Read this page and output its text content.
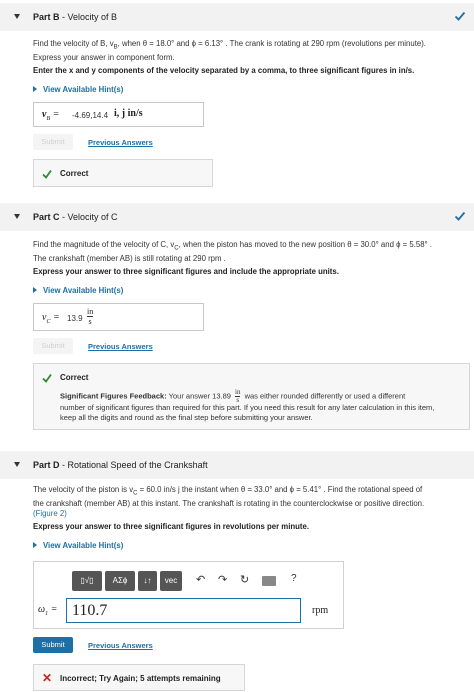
Part B - Velocity of B
Find the velocity of B, $v_B$, when θ = 18.0° and ϕ = 6.13° . The crank is rotating at 290 rpm (revolutions per minute).
Express your answer in component form.
Enter the x and y components of the velocity separated by a comma, to three significant figures in in/s.
View Available Hint(s)
$v_B = -4.69,14.4$ i, j in/s
Submit	Previous Answers
Correct
Part C - Velocity of C
Find the magnitude of the velocity of C, $v_C$, when the piston has moved to the new position θ = 30.0° and ϕ = 5.58° .
The crankshaft (member AB) is still rotating at 290 rpm .
Express your answer to three significant figures and include the appropriate units.
View Available Hint(s)
$v_C = 13.9$
in
s
Submit	Previous Answers
Correct
Significant Figures Feedback: Your answer $13.89 \frac{in}{s}$ was either rounded differently or used a different
number of significant figures than required for this part. If you need this result for any later calculation in this item,
keep all the digits and round as the final step before submitting your answer.
Part D - Rotational Speed of the Crankshaft
The velocity of the piston is $v_C = 60.0$ in/s j the instant when θ = 33.0° and ϕ = 5.41° . Find the rotational speed of
the crankshaft (member AB) at this instant. The crankshaft is rotating in the counterclockwise or positive direction.
(Figure 2)
Express your answer to three significant figures in revolutions per minute.
View Available Hint(s)
▯√▯	ΑΣϕ	↓↑	vec	↶ ↷ ↻	?
$\omega_1 = 110.7$	rpm
Submit	Previous Answers
✕ Incorrect; Try Again; 5 attempts remaining
